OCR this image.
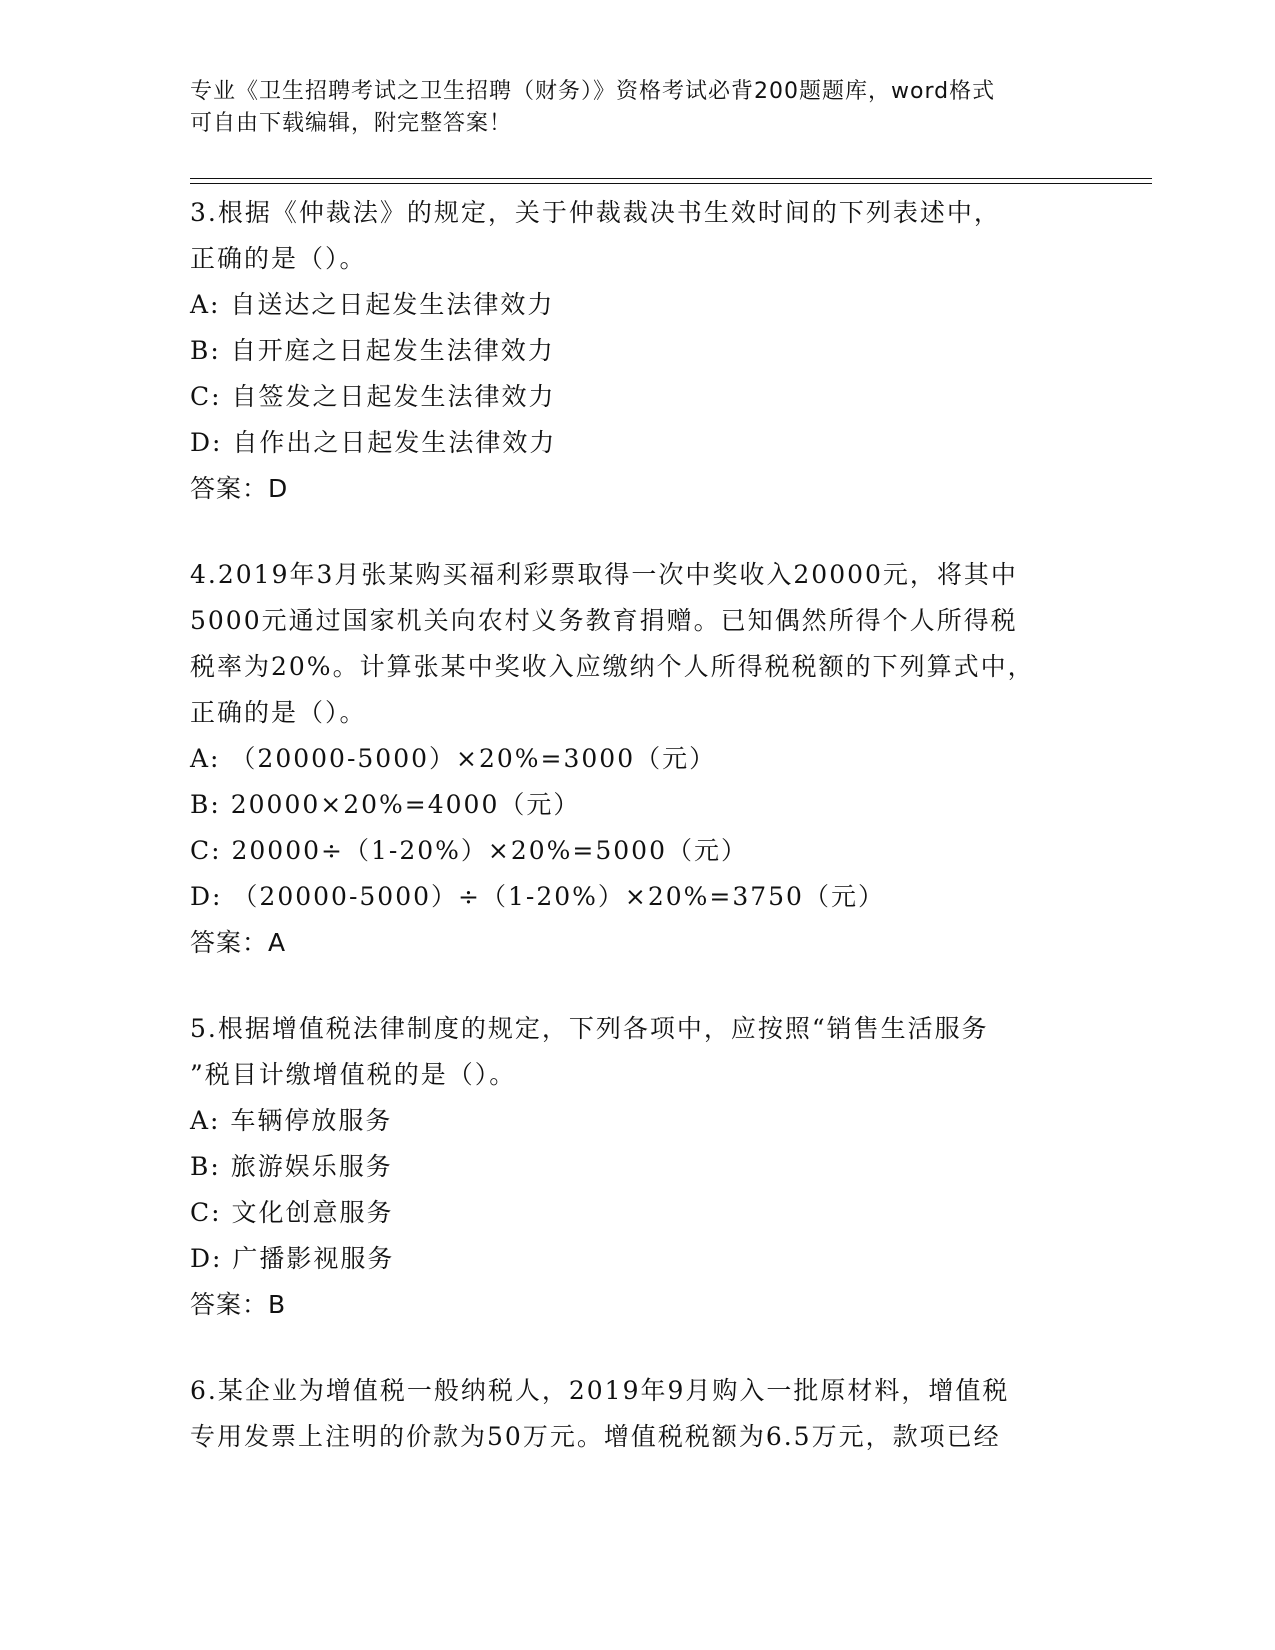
专业《卫生招聘考试之卫生招聘（财务）》资格考试必背200题题库，word格式
可自由下载编辑，附完整答案！
3.根据《仲裁法》的规定，关于仲裁裁决书生效时间的下列表述中，
正确的是（）。
A: 自送达之日起发生法律效力
B: 自开庭之日起发生法律效力
C: 自签发之日起发生法律效力
D: 自作出之日起发生法律效力
答案：D
4.2019年3月张某购买福利彩票取得一次中奖收入20000元，将其中
5000元通过国家机关向农村义务教育捐赠。已知偶然所得个人所得税
税率为20%。计算张某中奖收入应缴纳个人所得税税额的下列算式中，
正确的是（）。
A: （20000-5000）×20%=3000（元）
B: 20000×20%=4000（元）
C: 20000÷（1-20%）×20%=5000（元）
D: （20000-5000）÷（1-20%）×20%=3750（元）
答案：A
5.根据增值税法律制度的规定，下列各项中，应按照“销售生活服务
”税目计缴增值税的是（）。
A: 车辆停放服务
B: 旅游娱乐服务
C: 文化创意服务
D: 广播影视服务
答案：B
6.某企业为增值税一般纳税人，2019年9月购入一批原材料，增值税
专用发票上注明的价款为50万元。增值税税额为6.5万元，款项已经
